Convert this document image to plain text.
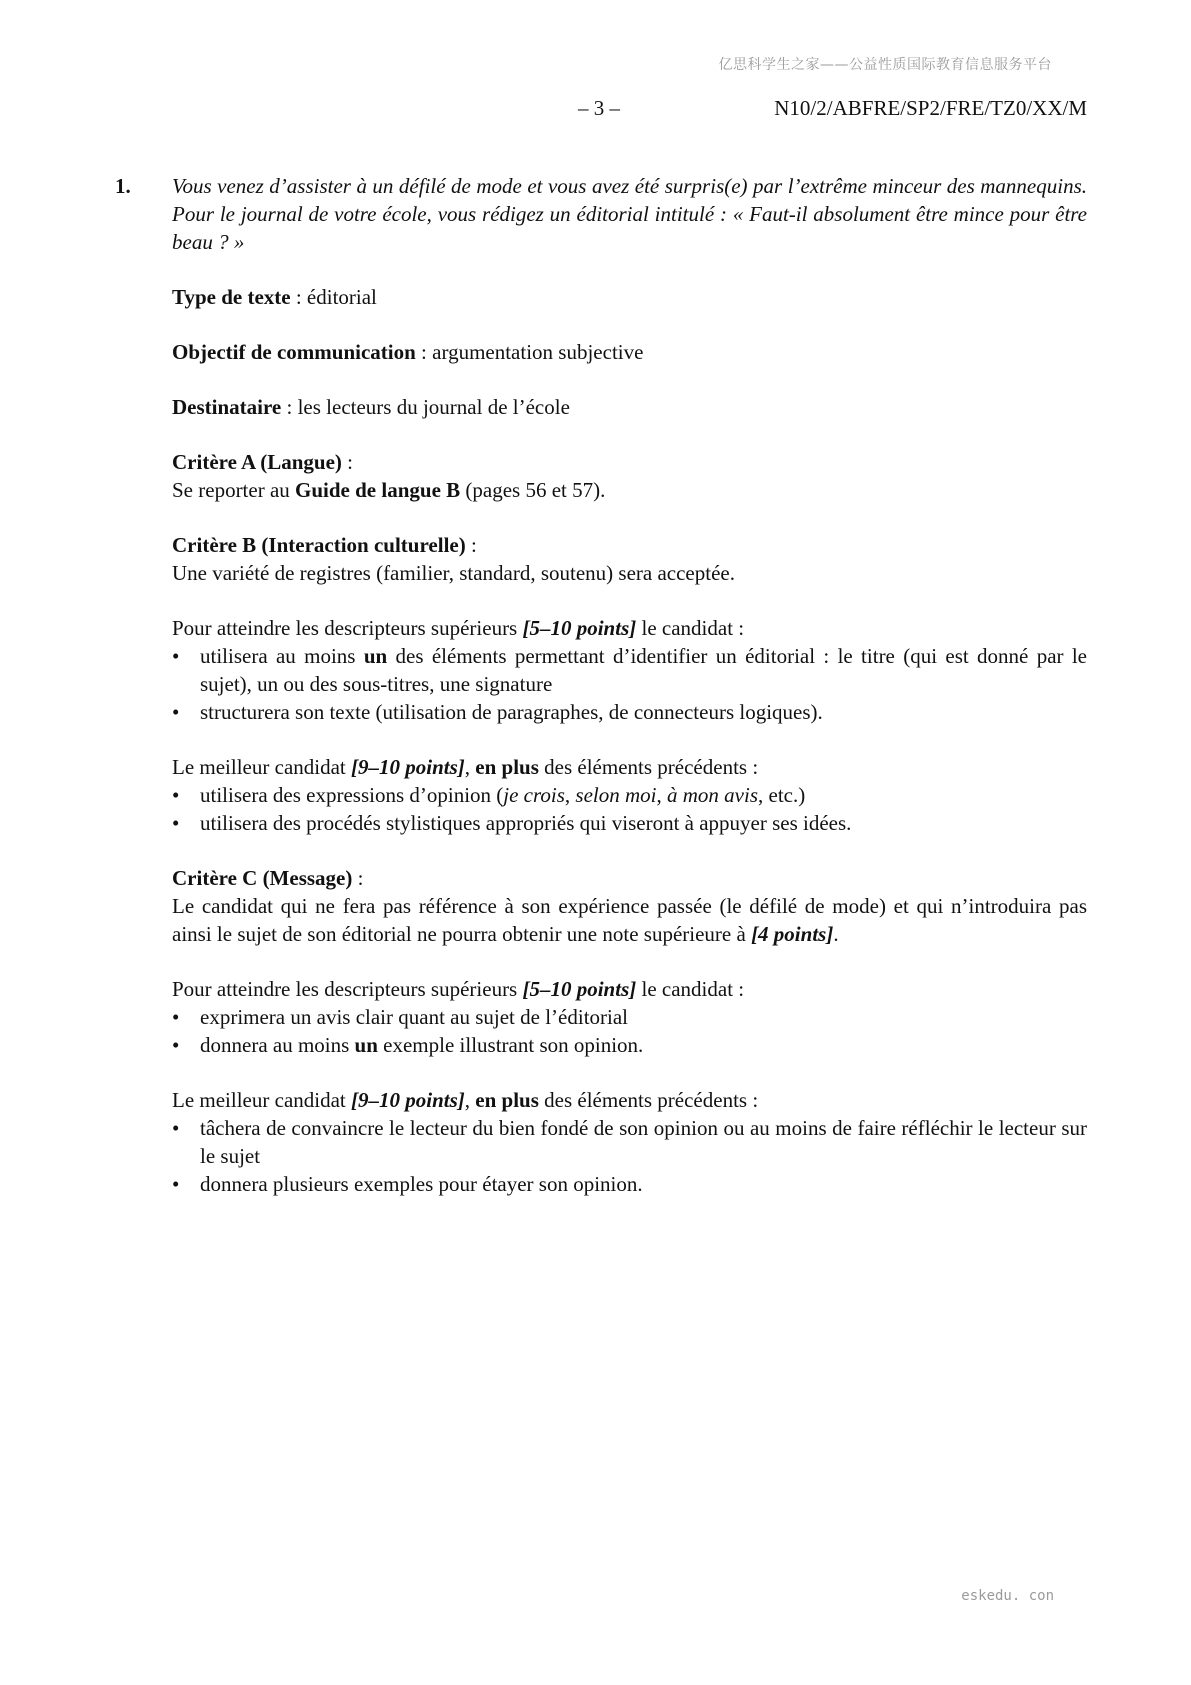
亿思科学生之家——公益性质国际教育信息服务平台
– 3 –	N10/2/ABFRE/SP2/FRE/TZ0/XX/M
1. Vous venez d’assister à un défilé de mode et vous avez été surpris(e) par l’extrême minceur des mannequins. Pour le journal de votre école, vous rédigez un éditorial intitulé : « Faut-il absolument être mince pour être beau ? »

Type de texte : éditorial

Objectif de communication : argumentation subjective

Destinataire : les lecteurs du journal de l’école

Critère A (Langue) :

Se reporter au Guide de langue B (pages 56 et 57).

Critère B (Interaction culturelle) :

Une variété de registres (familier, standard, soutenu) sera acceptée.

Pour atteindre les descripteurs supérieurs [5–10 points] le candidat :

• utilisera au moins un des éléments permettant d’identifier un éditorial : le titre (qui est donné par le sujet), un ou des sous-titres, une signature
• structurera son texte (utilisation de paragraphes, de connecteurs logiques).

Le meilleur candidat [9–10 points], en plus des éléments précédents :

• utilisera des expressions d’opinion (je crois, selon moi, à mon avis, etc.)
• utilisera des procédés stylistiques appropriés qui viseront à appuyer ses idées.

Critère C (Message) :

Le candidat qui ne fera pas référence à son expérience passée (le défilé de mode) et qui n’introduira pas ainsi le sujet de son éditorial ne pourra obtenir une note supérieure à [4 points].

Pour atteindre les descripteurs supérieurs [5–10 points] le candidat :

• exprimera un avis clair quant au sujet de l’éditorial
• donnera au moins un exemple illustrant son opinion.

Le meilleur candidat [9–10 points], en plus des éléments précédents :

• tâchera de convaincre le lecteur du bien fondé de son opinion ou au moins de faire réfléchir le lecteur sur le sujet
• donnera plusieurs exemples pour étayer son opinion.
eskedu. con
